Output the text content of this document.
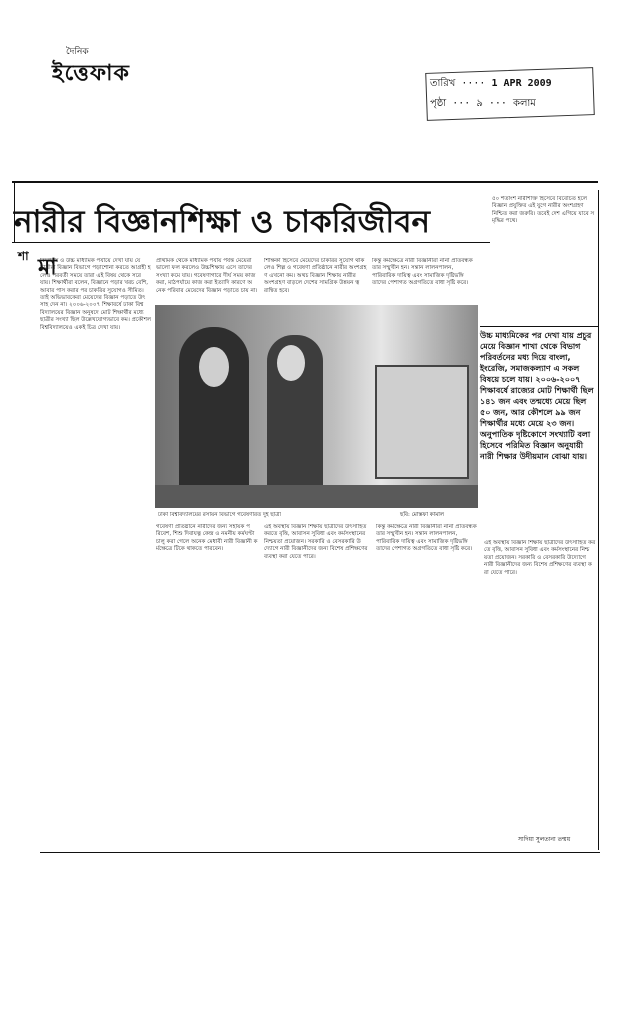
দৈনিক
ইত্তেফাক	তারিখ ···· 1 APR 2009
পৃষ্ঠা ··· ৯ ··· কলাম
নারীর বিজ্ঞানশিক্ষা ও চাকরিজীবন
শা মা

৫০ শতাংশ নারীশক্তি হিসেবে বিবেচিত হলে বিজ্ঞান প্রযুক্তির এই যুগে নারীর অংশগ্রহণ নিশ্চিত করা জরুরি। তবেই দেশ এগিয়ে যাবে সমৃদ্ধির পথে।

বিদ্যালয় ও উচ্চ মাধ্যমিক পর্যায়ে দেখা যায় যে ছাত্রীরা বিজ্ঞান বিভাগে পড়াশোনা করতে আগ্রহী হলেও পরবর্তী সময়ে তারা এই বিষয় থেকে সরে যায়। শিক্ষার্থীরা বলেন, বিজ্ঞানে পড়ার খরচ বেশি, আবার পাস করার পর চাকরির সুযোগও সীমিত। তাই অভিভাবকেরা মেয়েদের বিজ্ঞান পড়াতে উৎসাহ দেন না। ২০০৬-২০০৭ শিক্ষাবর্ষে ঢাকা বিশ্ববিদ্যালয়ের বিজ্ঞান অনুষদে মোট শিক্ষার্থীর মধ্যে ছাত্রীর সংখ্যা ছিল উল্লেখযোগ্যভাবে কম। প্রকৌশল বিশ্ববিদ্যালয়েও একই চিত্র দেখা যায়।

প্রাথমিক থেকে মাধ্যমিক পর্যায় পর্যন্ত মেয়েরা ভালো ফল করলেও উচ্চশিক্ষায় এসে তাদের সংখ্যা কমে যায়। গবেষণাগারে দীর্ঘ সময় কাজ করা, মাঠপর্যায়ে কাজ করা ইত্যাদি কারণে অনেক পরিবার মেয়েদের বিজ্ঞান পড়াতে চায় না।

শিক্ষিকা হিসেবে মেয়েদের চাকরির সুযোগ থাকলেও শিল্প ও গবেষণা প্রতিষ্ঠানে নারীর অংশগ্রহণ এখনো কম। অথচ বিজ্ঞান শিক্ষায় নারীর অংশগ্রহণ বাড়লে দেশের সামগ্রিক উন্নয়ন ত্বরান্বিত হবে।

কিন্তু কর্মক্ষেত্রে নারী বিজ্ঞানীরা নানা প্রতিবন্ধকতার সম্মুখীন হন। সন্তান লালনপালন, পারিবারিক দায়িত্ব এবং সামাজিক দৃষ্টিভঙ্গি তাদের পেশাগত অগ্রগতিতে বাধা সৃষ্টি করে।

ঢাকা বিশ্ববিদ্যালয়ের রসায়ন বিভাগে গবেষণারত দুই ছাত্রী	ছবি: মোস্তফা কামাল
উচ্চ মাধ্যমিকের পর দেখা যায় প্রচুর মেয়ে বিজ্ঞান শাখা থেকে বিভাগ পরিবর্তনের মধ্য দিয়ে বাংলা, ইংরেজি, সমাজকল্যাণ এ সকল বিষয়ে চলে যায়। ২০০৬-২০০৭ শিক্ষাবর্ষে রাজ্যের মোট শিক্ষার্থী ছিল ১৪১ জন এবং তন্মধ্যে মেয়ে ছিল ৫০ জন, আর কৌশলে ৯৯ জন শিক্ষার্থীর মধ্যে মেয়ে ২৩ জন। অনুপাতিক দৃষ্টিকোণে সংখ্যাটি বলা হিসেবে পরিমিত বিজ্ঞান অনুযায়ী নারী শিক্ষার উদীয়মান বোঝা যায়।

গবেষণা প্রতিষ্ঠানে নারীদের জন্য সহায়ক পরিবেশ, শিশু দিবাযত্ন কেন্দ্র ও নমনীয় কর্মঘণ্টা চালু করা গেলে অনেক মেধাবী নারী বিজ্ঞানী কর্মক্ষেত্রে টিকে থাকতে পারবেন।

এই অবস্থায় বিজ্ঞান শিক্ষায় ছাত্রীদের উৎসাহিত করতে বৃত্তি, আবাসন সুবিধা এবং কর্মসংস্থানের নিশ্চয়তা প্রয়োজন। সরকারি ও বেসরকারি উদ্যোগে নারী বিজ্ঞানীদের জন্য বিশেষ প্রশিক্ষণের ব্যবস্থা করা যেতে পারে।

কিন্তু কর্মক্ষেত্রে নারী বিজ্ঞানীরা নানা প্রতিবন্ধকতার সম্মুখীন হন। সন্তান লালনপালন, পারিবারিক দায়িত্ব এবং সামাজিক দৃষ্টিভঙ্গি তাদের পেশাগত অগ্রগতিতে বাধা সৃষ্টি করে।

এই অবস্থায় বিজ্ঞান শিক্ষায় ছাত্রীদের উৎসাহিত করতে বৃত্তি, আবাসন সুবিধা এবং কর্মসংস্থানের নিশ্চয়তা প্রয়োজন। সরকারি ও বেসরকারি উদ্যোগে নারী বিজ্ঞানীদের জন্য বিশেষ প্রশিক্ষণের ব্যবস্থা করা যেতে পারে।

সাদিয়া সুলতানা তন্ময়
